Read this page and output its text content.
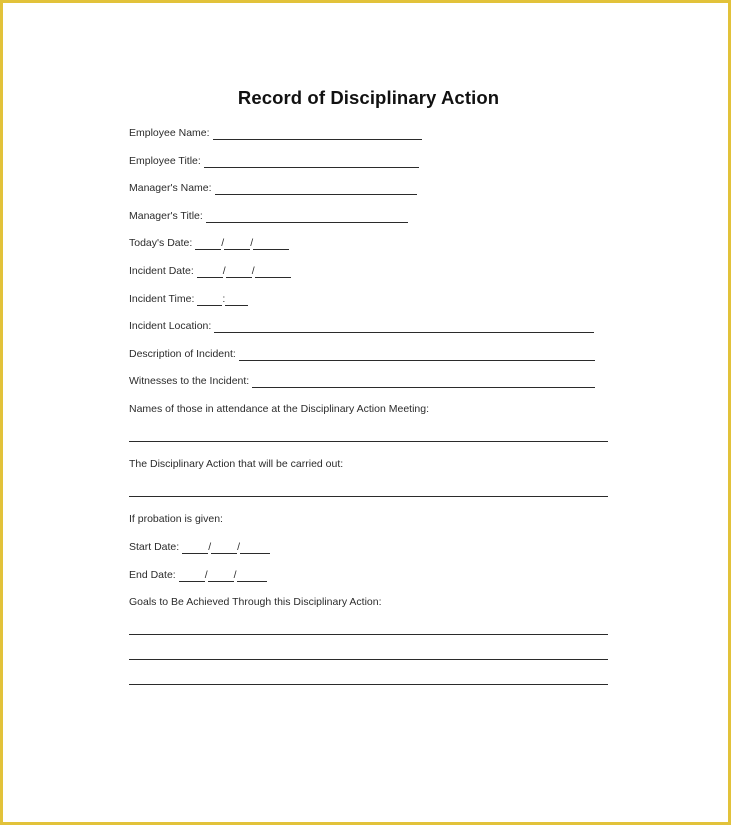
Record of Disciplinary Action
Employee Name:
Employee Title:
Manager's Name:
Manager's Title:
Today's Date:	/ /
Incident Date:	/ /
Incident Time:	:
Incident Location:
Description of Incident:
Witnesses to the Incident:
Names of those in attendance at the Disciplinary Action Meeting:
The Disciplinary Action that will be carried out:
If probation is given:
Start Date:	/ /
End Date:	/ /
Goals to Be Achieved Through this Disciplinary Action:
